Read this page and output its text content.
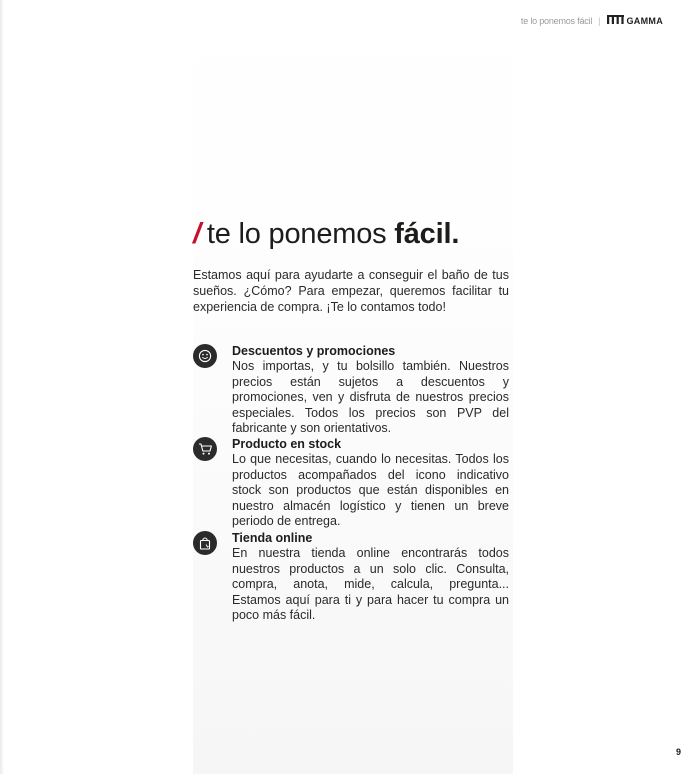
te lo ponemos fácil |	GAMMA
/ te lo ponemos fácil.

Estamos aquí para ayudarte a conseguir el baño de tus sueños. ¿Cómo? Para empezar, queremos facilitar tu experiencia de compra. ¡Te lo contamos todo!

Descuentos y promociones

Nos importas, y tu bolsillo también. Nuestros precios están sujetos a descuentos y promociones, ven y disfruta de nuestros precios especiales. Todos los precios son PVP del fabricante y son orientativos.

Producto en stock

Lo que necesitas, cuando lo necesitas. Todos los productos acompañados del icono indicativo stock son productos que están disponibles en nuestro almacén logístico y tienen un breve periodo de entrega.

Tienda online

En nuestra tienda online encontrarás todos nuestros productos a un solo clic. Consulta, compra, anota, mide, calcula, pregunta... Estamos aquí para ti y para hacer tu compra un poco más fácil.

9
